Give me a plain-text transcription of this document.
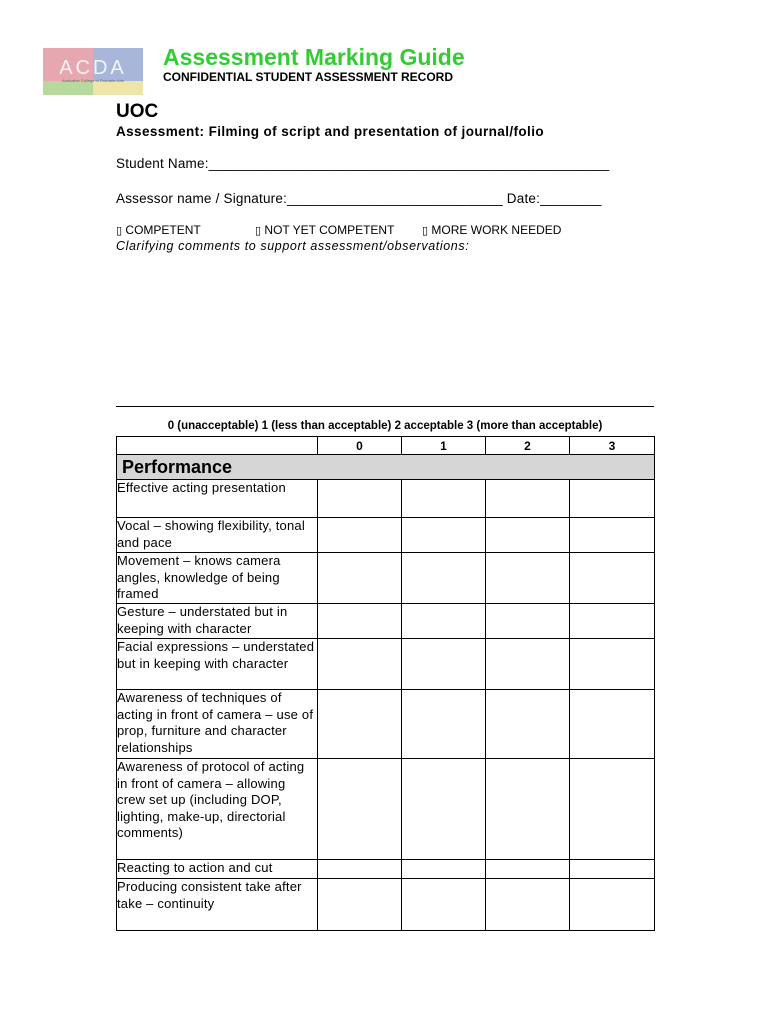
ACDA
Australian College of Dramatic Arts
Assessment Marking Guide
CONFIDENTIAL STUDENT ASSESSMENT RECORD
UOC
Assessment: Filming of script and presentation of journal/folio
Student Name:____________________________________________________
Assessor name / Signature:____________________________ Date:________
▯ COMPETENT	▯ NOT YET COMPETENT	▯ MORE WORK NEEDED
Clarifying comments to support assessment/observations:
0 (unacceptable) 1 (less than acceptable) 2 acceptable 3 (more than acceptable)
	0	1	2	3
Performance				
Effective acting presentation				
Vocal – showing flexibility, tonal and pace				
Movement – knows camera angles, knowledge of being framed				
Gesture – understated but in keeping with character				
Facial expressions – understated but in keeping with character				
Awareness of techniques of acting in front of camera – use of prop, furniture and character relationships				
Awareness of protocol of acting in front of camera – allowing crew set up (including DOP, lighting, make-up, directorial comments)				
Reacting to action and cut				
Producing consistent take after take – continuity				
